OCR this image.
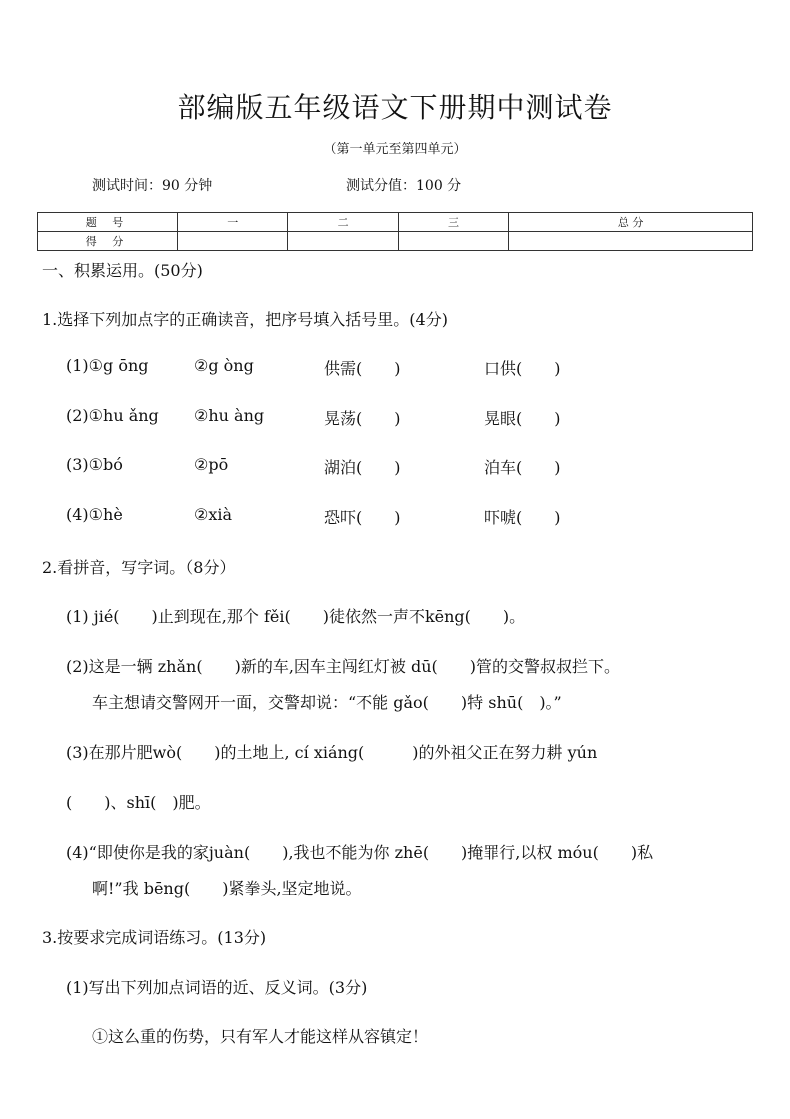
部编版五年级语文下册期中测试卷
（第一单元至第四单元）
测试时间：90 分钟	测试分值：100 分
题 号	一	二	三	总 分
得 分				
一、积累运用。(50分)
1.选择下列加点字的正确读音，把序号填入括号里。(4分)
(1)①g ōng	②g òng	供需(　　)	口供(　　)
(2)①hu ǎng ②hu àng	晃荡(　　)	晃眼(　　)
(3)①bó	②pō	湖泊(　　)	泊车(　　)
(4)①hè	②xià	恐吓(　　)	吓唬(　　)
2.看拼音，写字词。（8分）
(1) jié(　　)止到现在,那个 fěi(　　)徒依然一声不kēng(　　)。
(2)这是一辆 zhǎn(　　)新的车,因车主闯红灯被 dū(　　)管的交警叔叔拦下。
车主想请交警网开一面，交警却说：“不能 gǎo(　　)特 shū(　)。”
(3)在那片肥wò(　　)的土地上, cí xiáng(　　　)的外祖父正在努力耕 yún
(　　)、shī(　)肥。
(4)“即使你是我的家juàn(　　),我也不能为你 zhē(　　)掩罪行,以权 móu(　　)私
啊!”我 bēng(　　)紧拳头,坚定地说。
3.按要求完成词语练习。(13分)
(1)写出下列加点词语的近、反义词。(3分)
①这么重的伤势，只有军人才能这样从容镇定！
